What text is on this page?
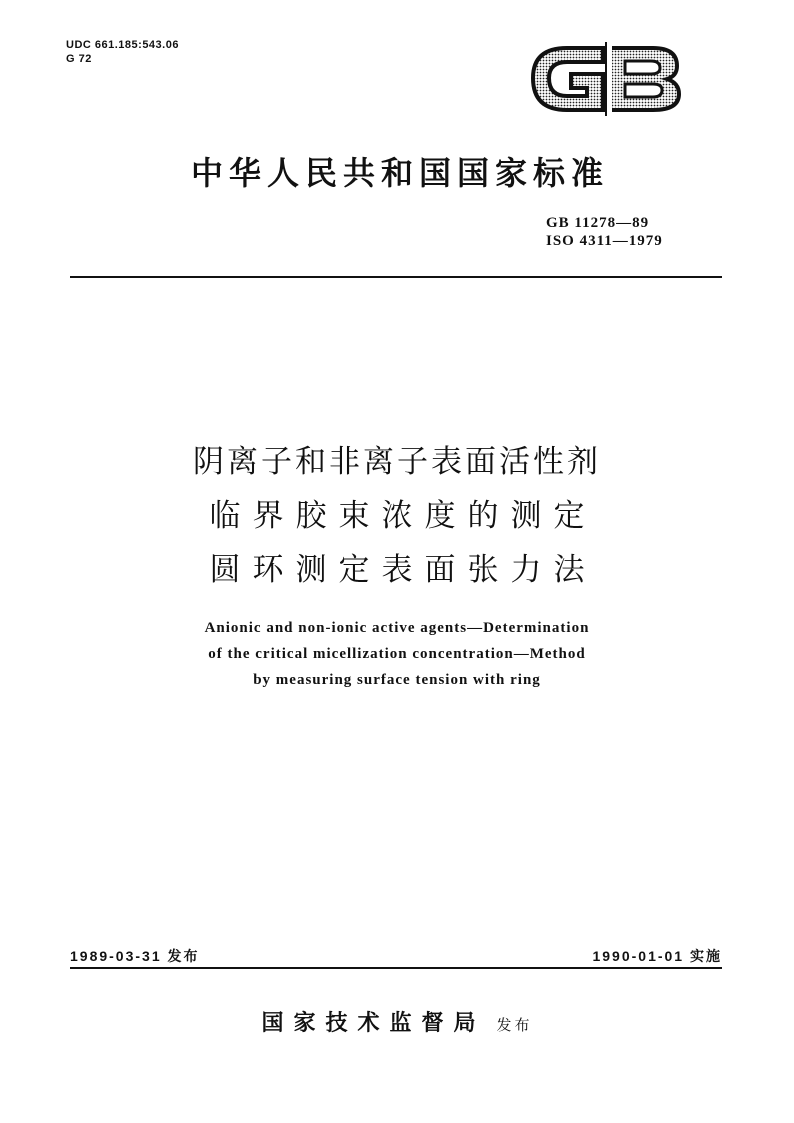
UDC 661.185:543.06
G 72
中华人民共和国国家标准
GB 11278—89
ISO 4311—1979
阴离子和非离子表面活性剂
临界胶束浓度的测定
圆环测定表面张力法
Anionic and non-ionic active agents—Determination
of the critical micellization concentration—Method
by measuring surface tension with ring
1989-03-31 发布	1990-01-01 实施
国家技术监督局 发布
